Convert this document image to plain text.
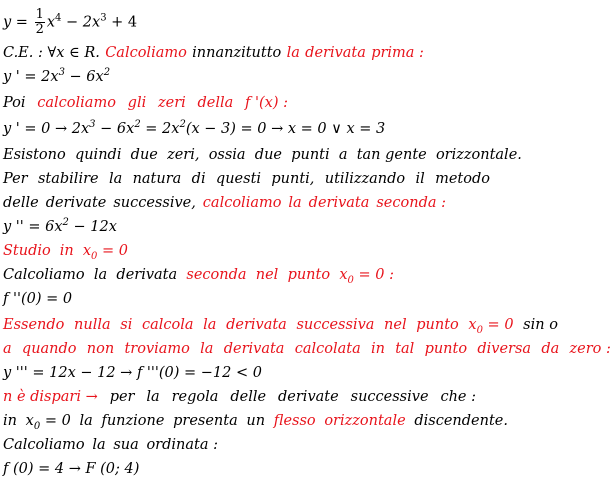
$y = \frac{1}{2} x^4 - 2x^3 + 4$
C.E. : ∀x ∈ R. Calcoliamo innanzitutto la derivata prima :
y ' = $2x^3 - 6x^2$
Poi calcoliamo gli zeri della f '(x) :
y ' = $0 \to 2x^3 - 6x^2 = 2x^2(x - 3) = 0 \to x = 0$ ∨ x = 3
Esistono quindi due zeri, ossia due punti a tan gente orizzontale.
Per stabilire la natura di questi punti, utilizzando il metodo
delle derivate successive, calcoliamo la derivata seconda :
y '' = $6x^2 - 12x$
Studio in $x_0 = 0$
Calcoliamo la derivata seconda nel punto $x_0 = 0$ :
f ''(0) = 0
Essendo nulla si calcola la derivata successiva nel punto $x_0 = 0$ sin o
a quando non troviamo la derivata calcolata in tal punto diversa da zero :
y ''' = 12x − 12 → f '''(0) = −12 < 0
n è dispari → per la regola delle derivate successive che :
in $x_0 = 0$ la funzione presenta un flesso orizzontale discendente.
Calcoliamo la sua ordinata :
f (0) = 4 → F (0; 4)
